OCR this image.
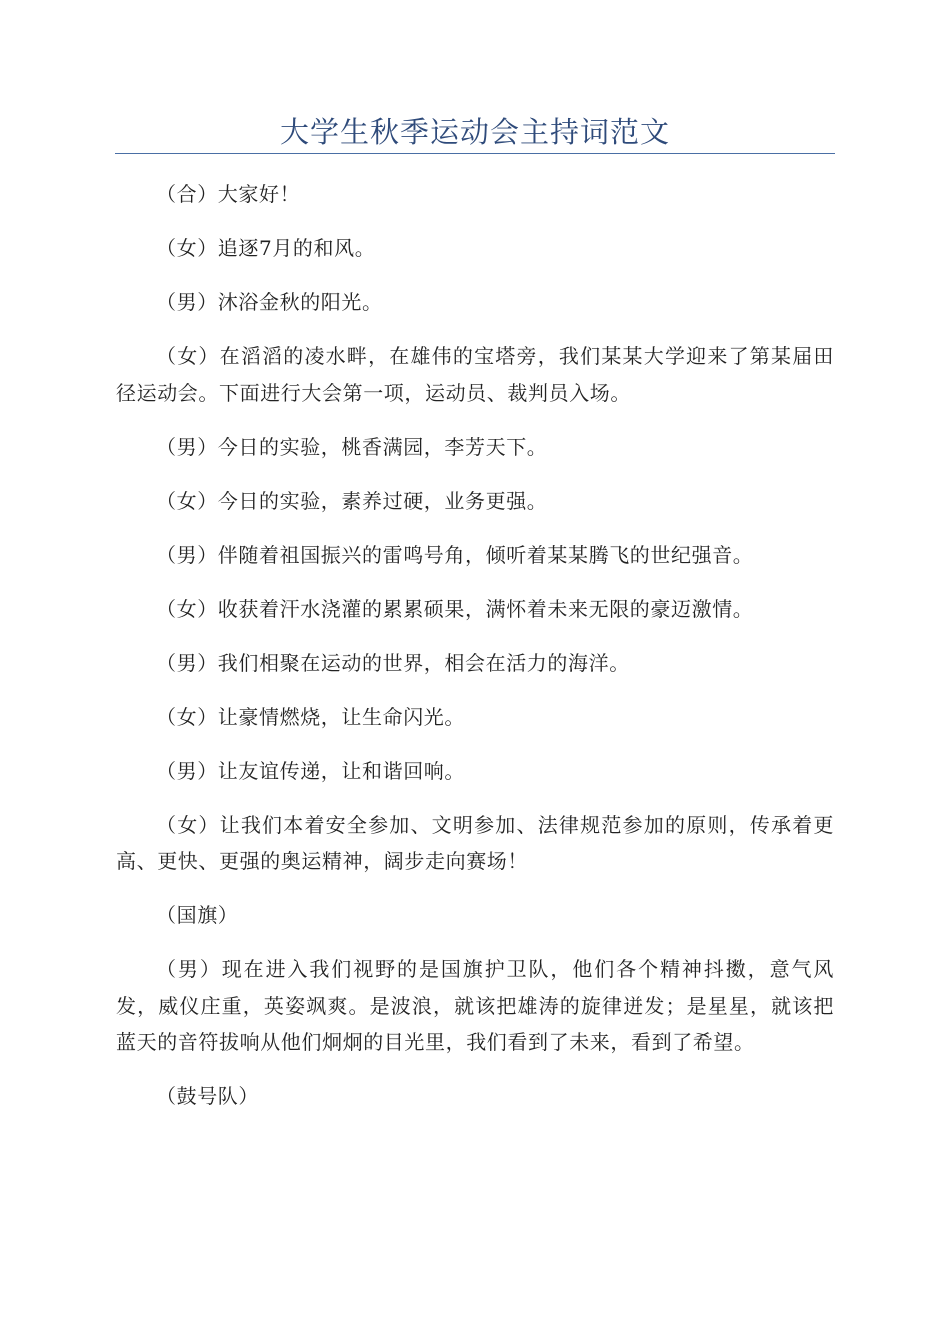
大学生秋季运动会主持词范文

（合）大家好！

（女）追逐7月的和风。

（男）沐浴金秋的阳光。

（女）在滔滔的凌水畔，在雄伟的宝塔旁，我们某某大学迎来了第某届田径运动会。下面进行大会第一项，运动员、裁判员入场。

（男）今日的实验，桃香满园，李芳天下。

（女）今日的实验，素养过硬，业务更强。

（男）伴随着祖国振兴的雷鸣号角，倾听着某某腾飞的世纪强音。

（女）收获着汗水浇灌的累累硕果，满怀着未来无限的豪迈激情。

（男）我们相聚在运动的世界，相会在活力的海洋。

（女）让豪情燃烧，让生命闪光。

（男）让友谊传递，让和谐回响。

（女）让我们本着安全参加、文明参加、法律规范参加的原则，传承着更高、更快、更强的奥运精神，阔步走向赛场！

（国旗）

（男）现在进入我们视野的是国旗护卫队，他们各个精神抖擞，意气风发，威仪庄重，英姿飒爽。是波浪，就该把雄涛的旋律迸发；是星星，就该把蓝天的音符拔响从他们炯炯的目光里，我们看到了未来，看到了希望。

（鼓号队）
